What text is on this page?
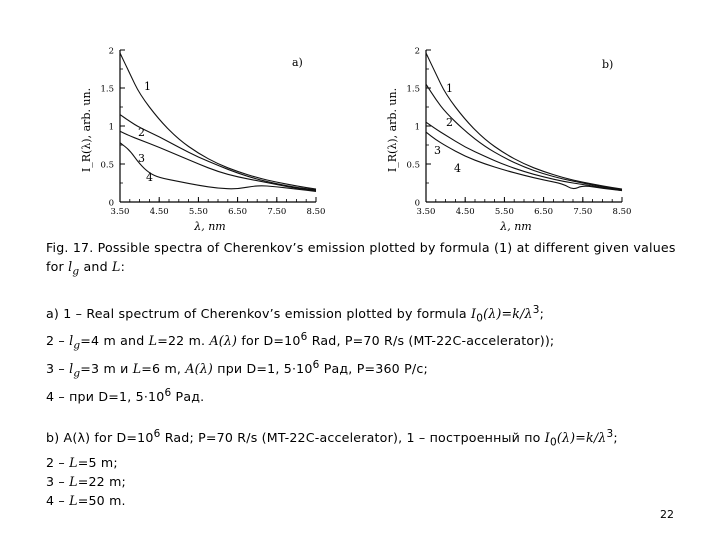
0
0.5
1
1.5
2
3.50 4.50 5.50 6.50 7.50 8.50
λ, nm
I_R(λ), arb. un.
a)
1
2
3
4
0
0.5
1
1.5
2
3.50 4.50 5.50 6.50 7.50 8.50
λ, nm
I_R(λ), arb. un.
b)
1
2
3
4

Fig. 17. Possible spectra of Cherenkov’s emission plotted by formula (1) at different given values

for $l_g$ and L:

a) 1 – Real spectrum of Cherenkov’s emission plotted by formula $I_0(\lambda)=k/\lambda^3$;

$2 - l_g=4$ m and L=22 m. A(λ) for $D=10^6$ Rad, P=70 R/s (MT-22C-accelerator));

$3 - l_g=3$ m и L=6 m, A(λ) при D=1, $5\cdot 10^6$ Рад, P=360 Р/с;

4 – при D=1, $5\cdot 10^6$ Рад.

b) A(λ) for $D=10^6$ Rad; P=70 R/s (MT-22C-accelerator), 1 – построенный по $I_0(\lambda)=k/\lambda^3$;

2 – L=5 m;

3 – L=22 m;

4 – L=50 m.

22
